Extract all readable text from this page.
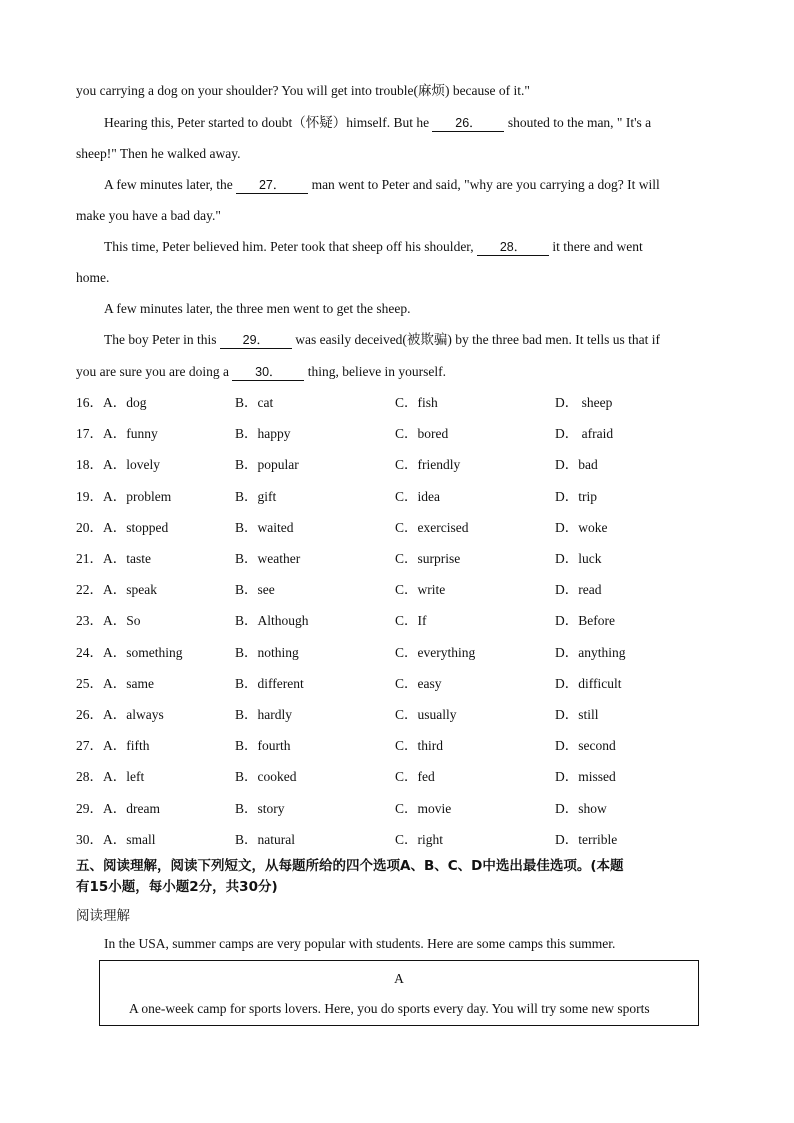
you carrying a dog on your shoulder? You will get into trouble(麻烦) because of it."
Hearing this, Peter started to doubt（怀疑）himself. But he 26． shouted to the man, " It's a
sheep!" Then he walked away.
A few minutes later, the 27． man went to Peter and said, "why are you carrying a dog? It will
make you have a bad day."
This time, Peter believed him. Peter took that sheep off his shoulder, 28． it there and went
home.
A few minutes later, the three men went to get the sheep.
The boy Peter in this 29． was easily deceived(被欺骗) by the three bad men. It tells us that if
you are sure you are doing a 30． thing, believe in yourself.
16．A．dog	B．cat	C．fish	D． sheep
17．A．funny	B．happy	C．bored	D． afraid
18．A．lovely	B．popular	C．friendly	D．bad
19．A．problem	B．gift	C．idea	D．trip
20．A．stopped	B．waited	C．exercised	D．woke
21．A．taste	B．weather	C．surprise	D．luck
22．A．speak	B．see	C．write	D．read
23．A．So	B．Although	C．If	D．Before
24．A．something	B．nothing	C．everything	D．anything
25．A．same	B．different	C．easy	D．difficult
26．A．always	B．hardly	C．usually	D．still
27．A．fifth	B．fourth	C．third	D．second
28．A．left	B．cooked	C．fed	D．missed
29．A．dream	B．story	C．movie	D．show
30．A．small	B．natural	C．right	D．terrible
五、阅读理解，阅读下列短文，从每题所给的四个选项A、B、C、D中选出最佳选项。(本题
有15小题，每小题2分，共30分)
阅读理解
In the USA, summer camps are very popular with students. Here are some camps this summer.
A
A one-week camp for sports lovers. Here, you do sports every day. You will try some new sports
